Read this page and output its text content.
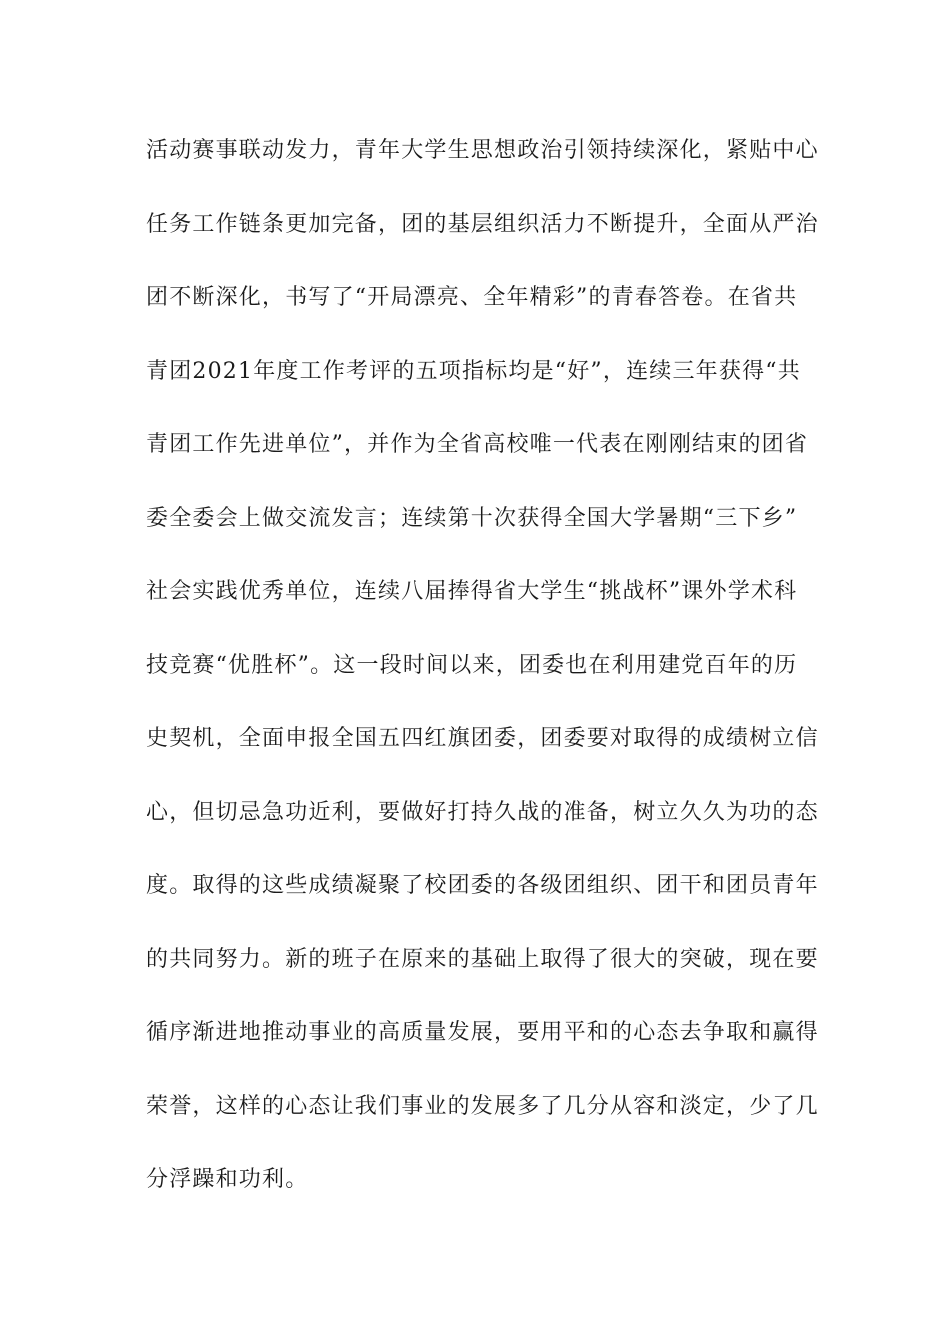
活动赛事联动发力，青年大学生思想政治引领持续深化，紧贴中心
任务工作链条更加完备，团的基层组织活力不断提升，全面从严治
团不断深化，书写了“开局漂亮、全年精彩”的青春答卷。在省共
青团2021年度工作考评的五项指标均是“好”，连续三年获得“共
青团工作先进单位”，并作为全省高校唯一代表在刚刚结束的团省
委全委会上做交流发言；连续第十次获得全国大学暑期“三下乡”
社会实践优秀单位，连续八届捧得省大学生“挑战杯”课外学术科
技竞赛“优胜杯”。这一段时间以来，团委也在利用建党百年的历
史契机，全面申报全国五四红旗团委，团委要对取得的成绩树立信
心，但切忌急功近利，要做好打持久战的准备，树立久久为功的态
度。取得的这些成绩凝聚了校团委的各级团组织、团干和团员青年
的共同努力。新的班子在原来的基础上取得了很大的突破，现在要
循序渐进地推动事业的高质量发展，要用平和的心态去争取和赢得
荣誉，这样的心态让我们事业的发展多了几分从容和淡定，少了几
分浮躁和功利。
